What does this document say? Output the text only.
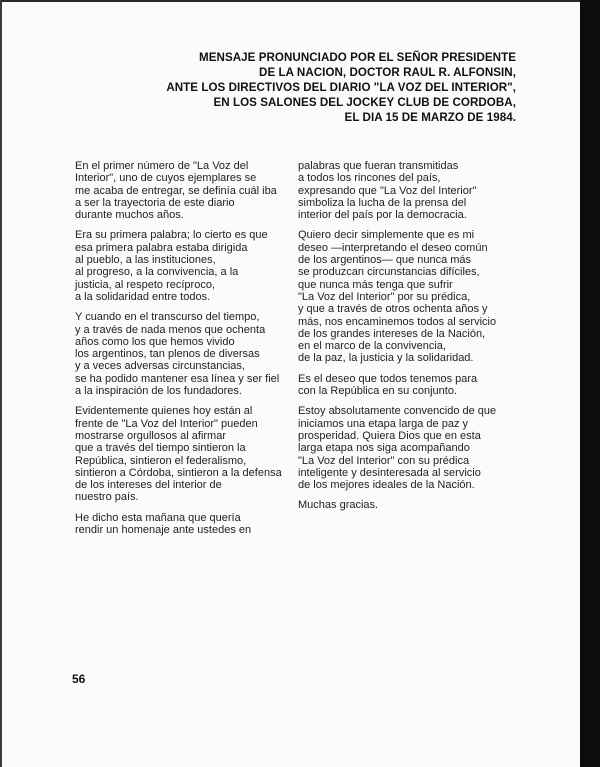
MENSAJE PRONUNCIADO POR EL SEÑOR PRESIDENTE
DE LA NACION, DOCTOR RAUL R. ALFONSIN,
ANTE LOS DIRECTIVOS DEL DIARIO "LA VOZ DEL INTERIOR",
EN LOS SALONES DEL JOCKEY CLUB DE CORDOBA,
EL DIA 15 DE MARZO DE 1984.
En el primer número de "La Voz del
Interior", uno de cuyos ejemplares se
me acaba de entregar, se definía cuál iba
a ser la trayectoria de este diario
durante muchos años.
Era su primera palabra; lo cierto es que
esa primera palabra estaba dirigida
al pueblo, a las instituciones,
al progreso, a la convivencia, a la
justicia, al respeto recíproco,
a la solidaridad entre todos.
Y cuando en el transcurso del tiempo,
y a través de nada menos que ochenta
años como los que hemos vivido
los argentinos, tan plenos de diversas
y a veces adversas circunstancias,
se ha podido mantener esa línea y ser fiel
a la inspiración de los fundadores.
Evidentemente quienes hoy están al
frente de "La Voz del Interior" pueden
mostrarse orgullosos al afirmar
que a través del tiempo sintieron la
República, sintieron el federalismo,
sintieron a Córdoba, sintieron a la defensa
de los intereses del interior de
nuestro país.
He dicho esta mañana que quería
rendir un homenaje ante ustedes en
palabras que fueran transmitidas
a todos los rincones del país,
expresando que "La Voz del Interior"
simboliza la lucha de la prensa del
interior del país por la democracia.
Quiero decir simplemente que es mi
deseo —interpretando el deseo común
de los argentinos— que nunca más
se produzcan circunstancias difíciles,
que nunca más tenga que sufrir
"La Voz del Interior" por su prédica,
y que a través de otros ochenta años y
más, nos encaminemos todos al servicio
de los grandes intereses de la Nación,
en el marco de la convivencia,
de la paz, la justicia y la solidaridad.
Es el deseo que todos tenemos para
con la República en su conjunto.
Estoy absolutamente convencido de que
iniciamos una etapa larga de paz y
prosperidad. Quiera Dios que en esta
larga etapa nos siga acompañando
"La Voz del Interior" con su prédica
inteligente y desinteresada al servicio
de los mejores ideales de la Nación.
Muchas gracias.
56
